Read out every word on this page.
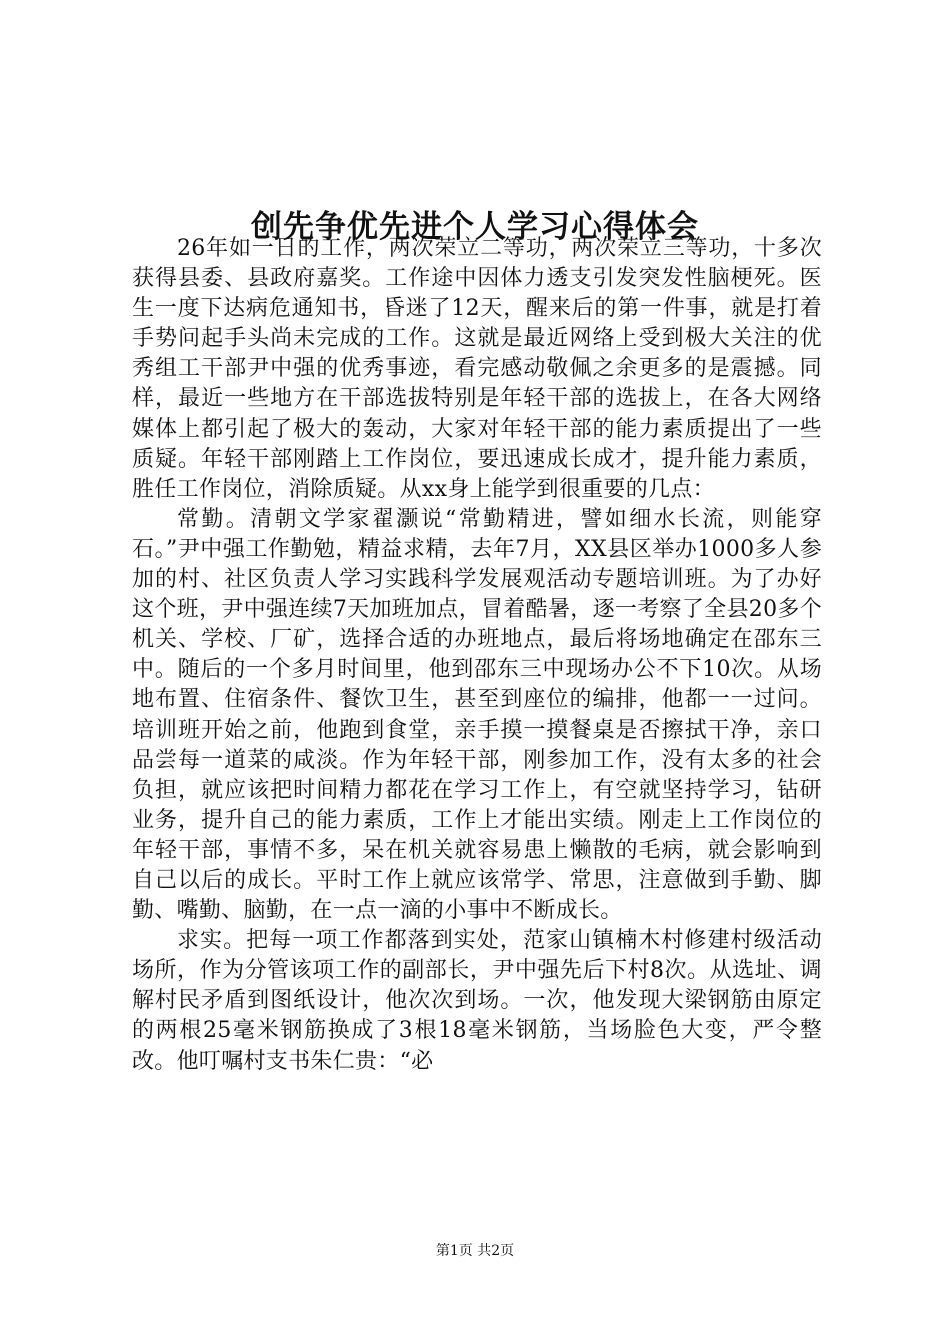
创先争优先进个人学习心得体会

26年如一日的工作，两次荣立二等功，两次荣立三等功，十多次获得县委、县政府嘉奖。工作途中因体力透支引发突发性脑梗死。医生一度下达病危通知书，昏迷了12天，醒来后的第一件事，就是打着手势问起手头尚未完成的工作。这就是最近网络上受到极大关注的优秀组工干部尹中强的优秀事迹，看完感动敬佩之余更多的是震撼。同样，最近一些地方在干部选拔特别是年轻干部的选拔上，在各大网络媒体上都引起了极大的轰动，大家对年轻干部的能力素质提出了一些质疑。年轻干部刚踏上工作岗位，要迅速成长成才，提升能力素质，胜任工作岗位，消除质疑。从xx身上能学到很重要的几点：

常勤。清朝文学家翟灏说“常勤精进，譬如细水长流，则能穿石。”尹中强工作勤勉，精益求精，去年7月，XX县区举办1000多人参加的村、社区负责人学习实践科学发展观活动专题培训班。为了办好这个班，尹中强连续7天加班加点，冒着酷暑，逐一考察了全县20多个机关、学校、厂矿，选择合适的办班地点，最后将场地确定在邵东三中。随后的一个多月时间里，他到邵东三中现场办公不下10次。从场地布置、住宿条件、餐饮卫生，甚至到座位的编排，他都一一过问。培训班开始之前，他跑到食堂，亲手摸一摸餐桌是否擦拭干净，亲口品尝每一道菜的咸淡。作为年轻干部，刚参加工作，没有太多的社会负担，就应该把时间精力都花在学习工作上，有空就坚持学习，钻研业务，提升自己的能力素质，工作上才能出实绩。刚走上工作岗位的年轻干部，事情不多，呆在机关就容易患上懒散的毛病，就会影响到自己以后的成长。平时工作上就应该常学、常思，注意做到手勤、脚勤、嘴勤、脑勤，在一点一滴的小事中不断成长。

求实。把每一项工作都落到实处，范家山镇楠木村修建村级活动场所，作为分管该项工作的副部长，尹中强先后下村8次。从选址、调解村民矛盾到图纸设计，他次次到场。一次，他发现大梁钢筋由原定的两根25毫米钢筋换成了3根18毫米钢筋，当场脸色大变，严令整改。他叮嘱村支书朱仁贵：“必

第1页 共2页
